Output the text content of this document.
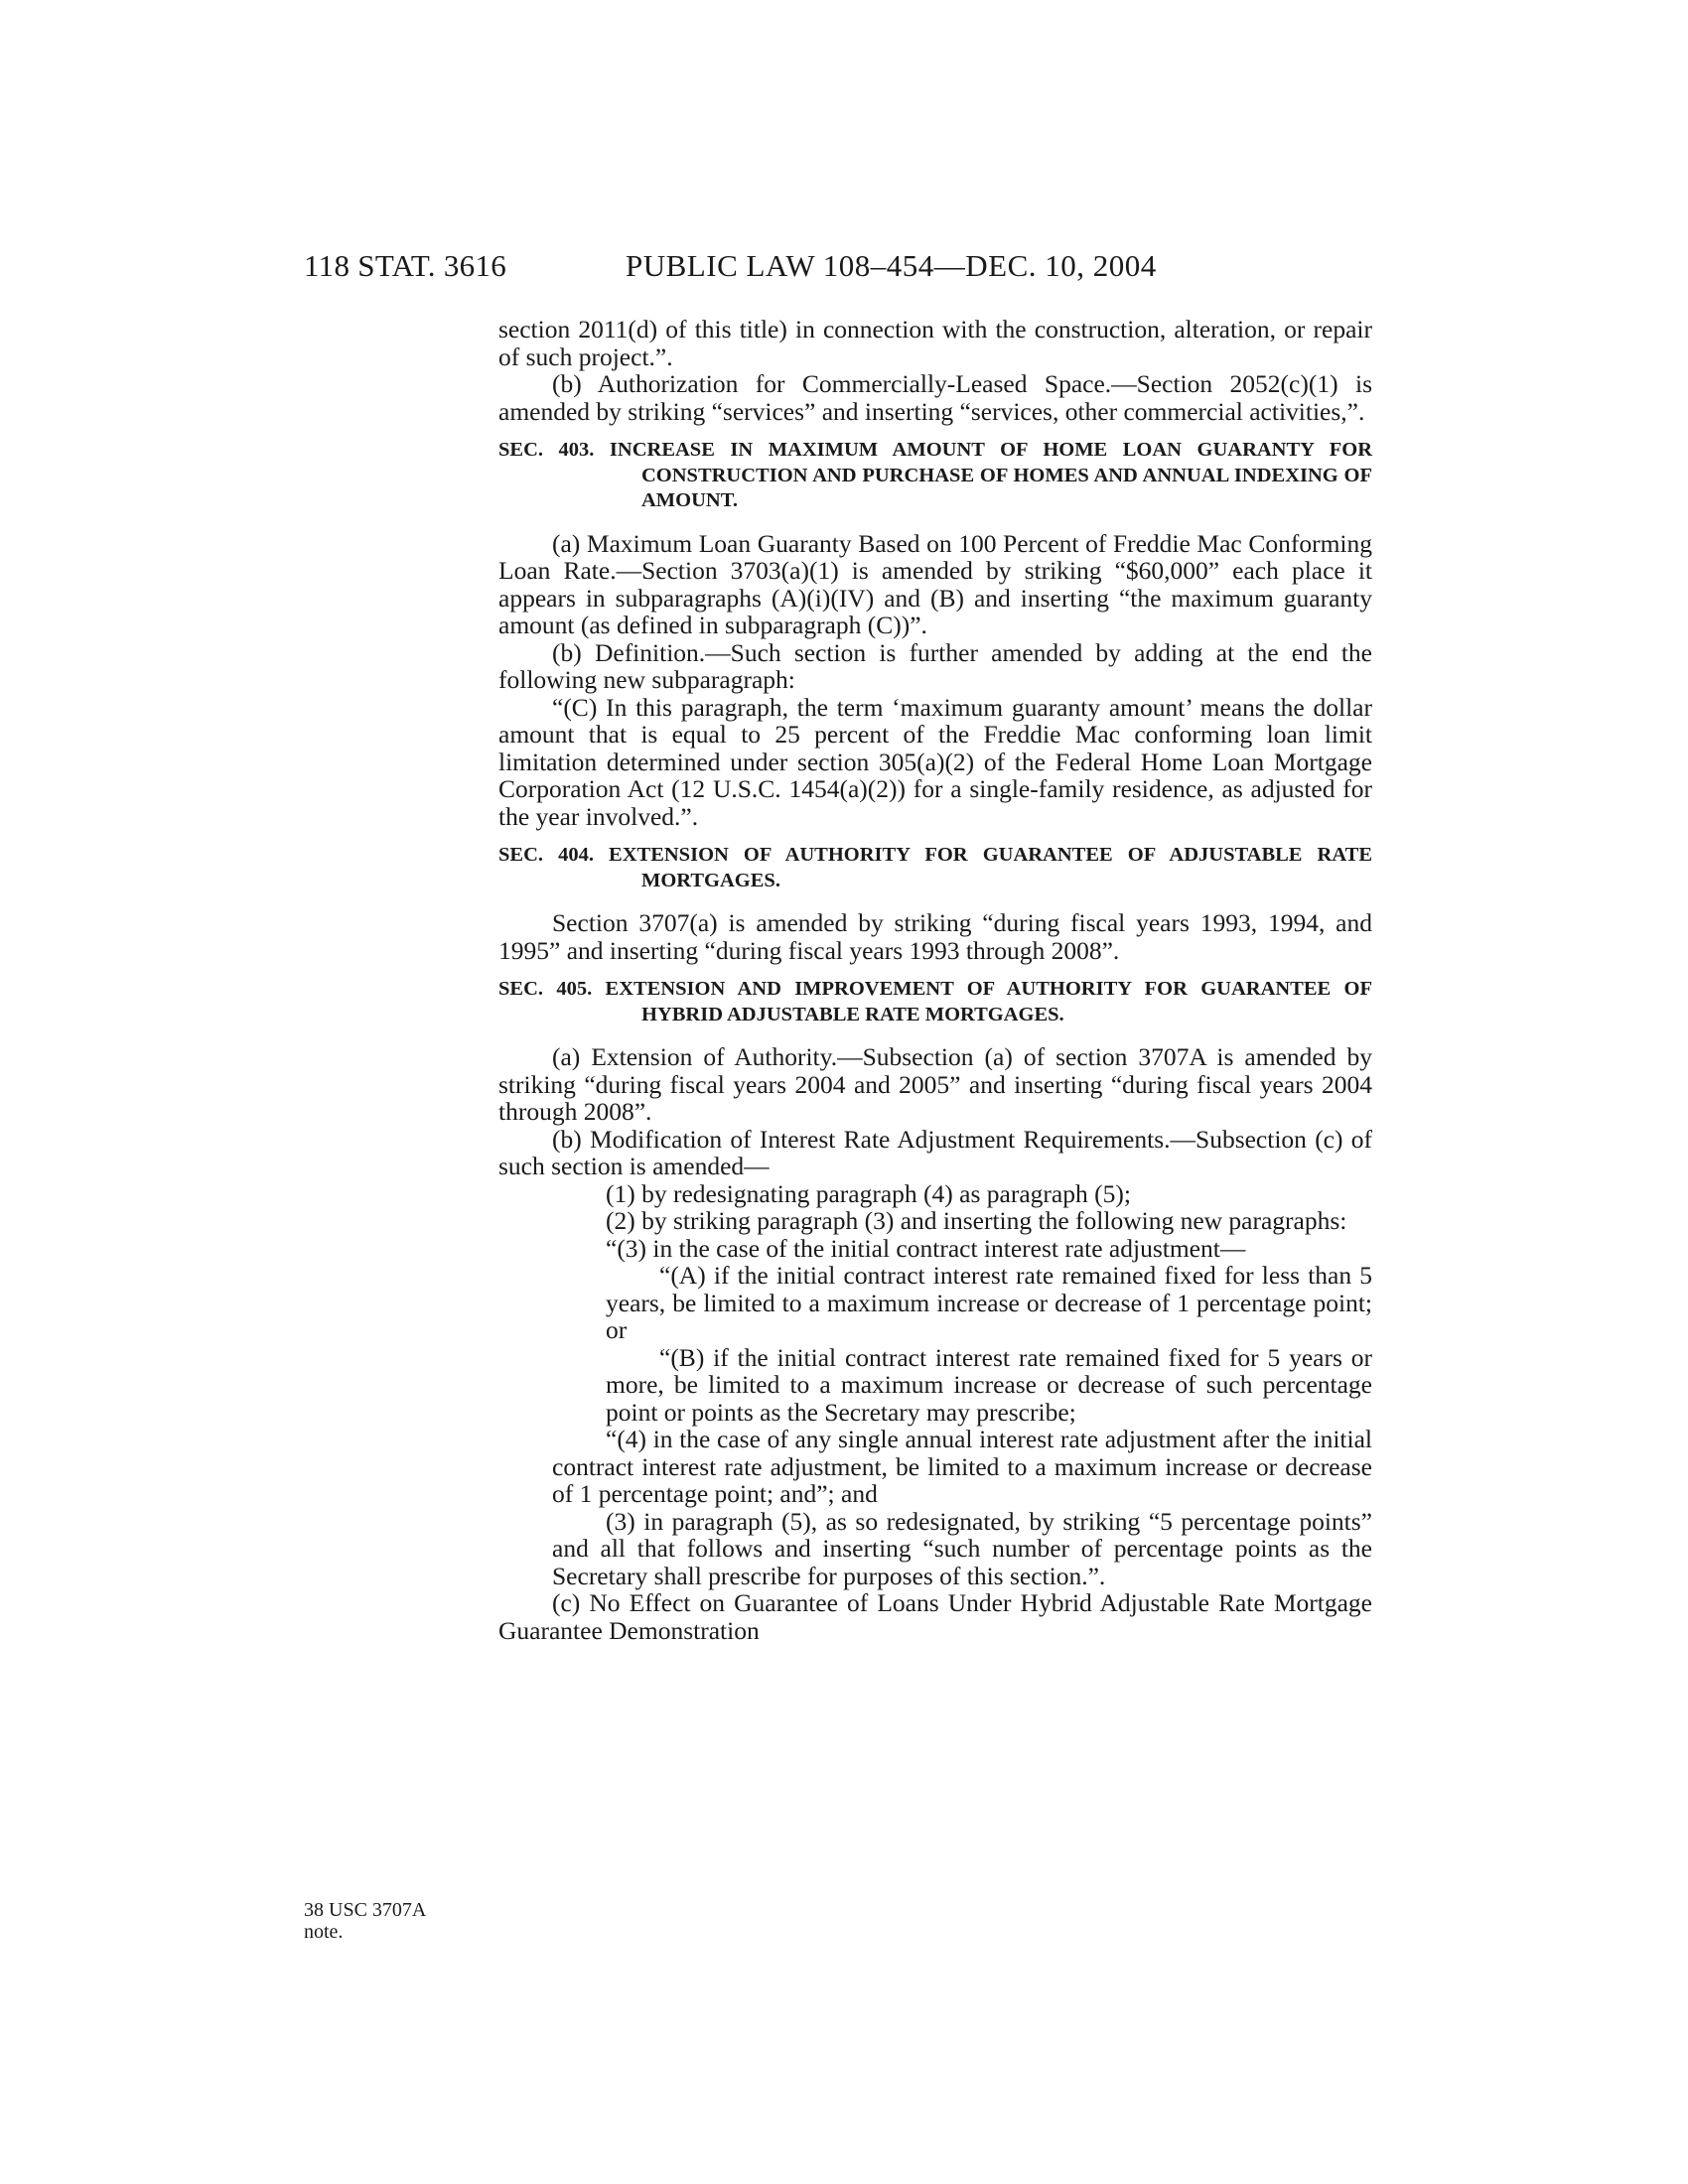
118 STAT. 3616	PUBLIC LAW 108–454—DEC. 10, 2004
38 USC 3707A
note.

section 2011(d) of this title) in connection with the construction, alteration, or repair of such project.”.

(b) Authorization for Commercially-Leased Space.—Section 2052(c)(1) is amended by striking “services” and inserting “services, other commercial activities,”.

SEC. 403. INCREASE IN MAXIMUM AMOUNT OF HOME LOAN GUARANTY FOR CONSTRUCTION AND PURCHASE OF HOMES AND ANNUAL INDEXING OF AMOUNT.

(a) Maximum Loan Guaranty Based on 100 Percent of Freddie Mac Conforming Loan Rate.—Section 3703(a)(1) is amended by striking “$60,000” each place it appears in subparagraphs (A)(i)(IV) and (B) and inserting “the maximum guaranty amount (as defined in subparagraph (C))”.

(b) Definition.—Such section is further amended by adding at the end the following new subparagraph:

“(C) In this paragraph, the term ‘maximum guaranty amount’ means the dollar amount that is equal to 25 percent of the Freddie Mac conforming loan limit limitation determined under section 305(a)(2) of the Federal Home Loan Mortgage Corporation Act (12 U.S.C. 1454(a)(2)) for a single-family residence, as adjusted for the year involved.”.

SEC. 404. EXTENSION OF AUTHORITY FOR GUARANTEE OF ADJUSTABLE RATE MORTGAGES.

Section 3707(a) is amended by striking “during fiscal years 1993, 1994, and 1995” and inserting “during fiscal years 1993 through 2008”.

SEC. 405. EXTENSION AND IMPROVEMENT OF AUTHORITY FOR GUARANTEE OF HYBRID ADJUSTABLE RATE MORTGAGES.

(a) Extension of Authority.—Subsection (a) of section 3707A is amended by striking “during fiscal years 2004 and 2005” and inserting “during fiscal years 2004 through 2008”.

(b) Modification of Interest Rate Adjustment Requirements.—Subsection (c) of such section is amended—

(1) by redesignating paragraph (4) as paragraph (5);

(2) by striking paragraph (3) and inserting the following new paragraphs:

“(3) in the case of the initial contract interest rate adjustment—

“(A) if the initial contract interest rate remained fixed for less than 5 years, be limited to a maximum increase or decrease of 1 percentage point; or

“(B) if the initial contract interest rate remained fixed for 5 years or more, be limited to a maximum increase or decrease of such percentage point or points as the Secretary may prescribe;

“(4) in the case of any single annual interest rate adjustment after the initial contract interest rate adjustment, be limited to a maximum increase or decrease of 1 percentage point; and”; and

(3) in paragraph (5), as so redesignated, by striking “5 percentage points” and all that follows and inserting “such number of percentage points as the Secretary shall prescribe for purposes of this section.”.

(c) No Effect on Guarantee of Loans Under Hybrid Adjustable Rate Mortgage Guarantee Demonstration
